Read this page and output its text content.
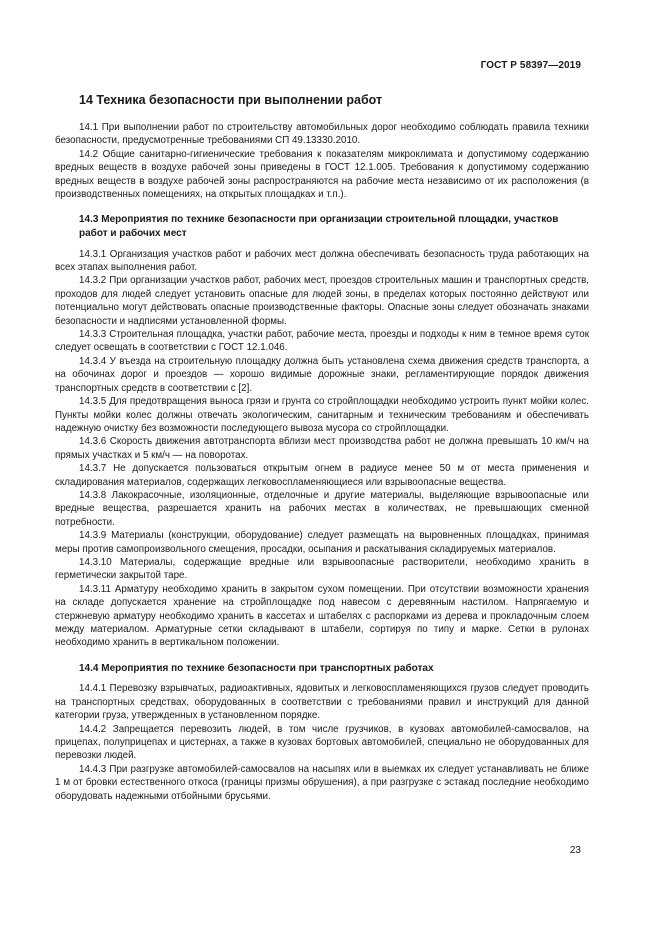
ГОСТ Р 58397—2019
14 Техника безопасности при выполнении работ

14.1 При выполнении работ по строительству автомобильных дорог необходимо соблюдать правила техники безопасности, предусмотренные требованиями СП 49.13330.2010.

14.2 Общие санитарно-гигиенические требования к показателям микроклимата и допустимому содержанию вредных веществ в воздухе рабочей зоны приведены в ГОСТ 12.1.005. Требования к допустимому содержанию вредных веществ в воздухе рабочей зоны распространяются на рабочие места независимо от их расположения (в производственных помещениях, на открытых площадках и т.п.).

14.3 Мероприятия по технике безопасности при организации строительной площадки, участков работ и рабочих мест

14.3.1 Организация участков работ и рабочих мест должна обеспечивать безопасность труда работающих на всех этапах выполнения работ.

14.3.2 При организации участков работ, рабочих мест, проездов строительных машин и транспортных средств, проходов для людей следует установить опасные для людей зоны, в пределах которых постоянно действуют или потенциально могут действовать опасные производственные факторы. Опасные зоны следует обозначать знаками безопасности и надписями установленной формы.

14.3.3 Строительная площадка, участки работ, рабочие места, проезды и подходы к ним в темное время суток следует освещать в соответствии с ГОСТ 12.1.046.

14.3.4 У въезда на строительную площадку должна быть установлена схема движения средств транспорта, а на обочинах дорог и проездов — хорошо видимые дорожные знаки, регламентирующие порядок движения транспортных средств в соответствии с [2].

14.3.5 Для предотвращения выноса грязи и грунта со стройплощадки необходимо устроить пункт мойки колес. Пункты мойки колес должны отвечать экологическим, санитарным и техническим требованиям и обеспечивать надежную очистку без возможности последующего вывоза мусора со стройплощадки.

14.3.6 Скорость движения автотранспорта вблизи мест производства работ не должна превышать 10 км/ч на прямых участках и 5 км/ч — на поворотах.

14.3.7 Не допускается пользоваться открытым огнем в радиусе менее 50 м от места применения и складирования материалов, содержащих легковоспламеняющиеся или взрывоопасные вещества.

14.3.8 Лакокрасочные, изоляционные, отделочные и другие материалы, выделяющие взрывоопасные или вредные вещества, разрешается хранить на рабочих местах в количествах, не превышающих сменной потребности.

14.3.9 Материалы (конструкции, оборудование) следует размещать на выровненных площадках, принимая меры против самопроизвольного смещения, просадки, осыпания и раскатывания складируемых материалов.

14.3.10 Материалы, содержащие вредные или взрывоопасные растворители, необходимо хранить в герметически закрытой таре.

14.3.11 Арматуру необходимо хранить в закрытом сухом помещении. При отсутствии возможности хранения на складе допускается хранение на стройплощадке под навесом с деревянным настилом. Напрягаемую и стержневую арматуру необходимо хранить в кассетах и штабелях с распорками из дерева и прокладочным слоем между материалом. Арматурные сетки складывают в штабели, сортируя по типу и марке. Сетки в рулонах необходимо хранить в вертикальном положении.

14.4 Мероприятия по технике безопасности при транспортных работах

14.4.1 Перевозку взрывчатых, радиоактивных, ядовитых и легковоспламеняющихся грузов следует проводить на транспортных средствах, оборудованных в соответствии с требованиями правил и инструкций для данной категории груза, утвержденных в установленном порядке.

14.4.2 Запрещается перевозить людей, в том числе грузчиков, в кузовах автомобилей-самосвалов, на прицепах, полуприцепах и цистернах, а также в кузовах бортовых автомобилей, специально не оборудованных для перевозки людей.

14.4.3 При разгрузке автомобилей-самосвалов на насыпях или в выемках их следует устанавливать не ближе 1 м от бровки естественного откоса (границы призмы обрушения), а при разгрузке с эстакад последние необходимо оборудовать надежными отбойными брусьями.

23
